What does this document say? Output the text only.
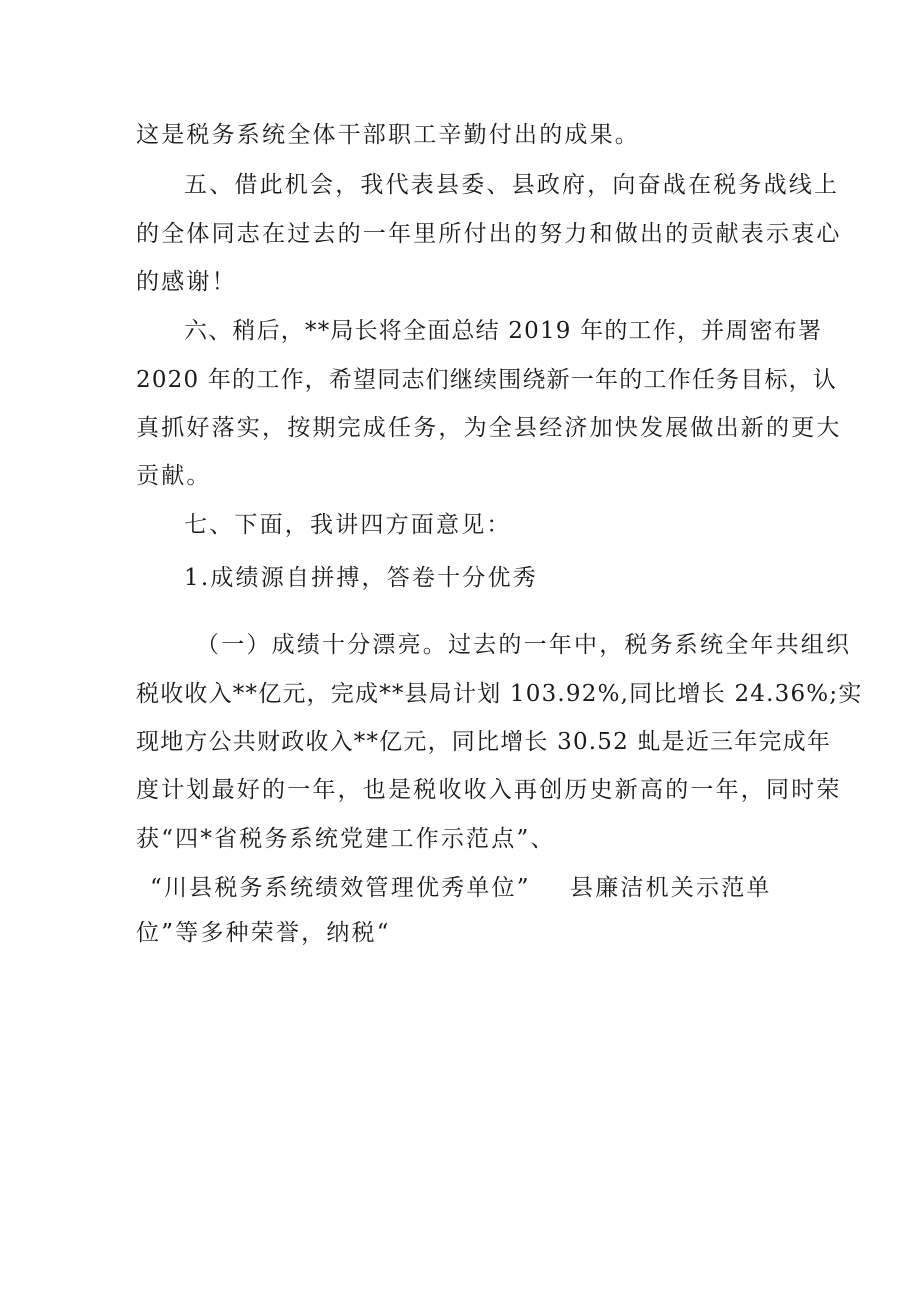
这是税务系统全体干部职工辛勤付出的成果。
五、借此机会，我代表县委、县政府，向奋战在税务战线上
的全体同志在过去的一年里所付出的努力和做出的贡献表示衷心
的感谢！
六、稍后，**局长将全面总结 2019 年的工作，并周密布署
2020 年的工作，希望同志们继续围绕新一年的工作任务目标，认
真抓好落实，按期完成任务，为全县经济加快发展做出新的更大
贡献。
七、下面，我讲四方面意见：
1.成绩源自拼搏，答卷十分优秀
（一）成绩十分漂亮。过去的一年中，税务系统全年共组织
税收收入**亿元，完成**县局计划 103.92%,同比增长 24.36%;实
现地方公共财政收入**亿元，同比增长 30.52 虬是近三年完成年
度计划最好的一年，也是税收收入再创历史新高的一年，同时荣
获“四*省税务系统党建工作示范点”、
“川县税务系统绩效管理优秀单位” 县廉洁机关示范单
位”等多种荣誉，纳税“
